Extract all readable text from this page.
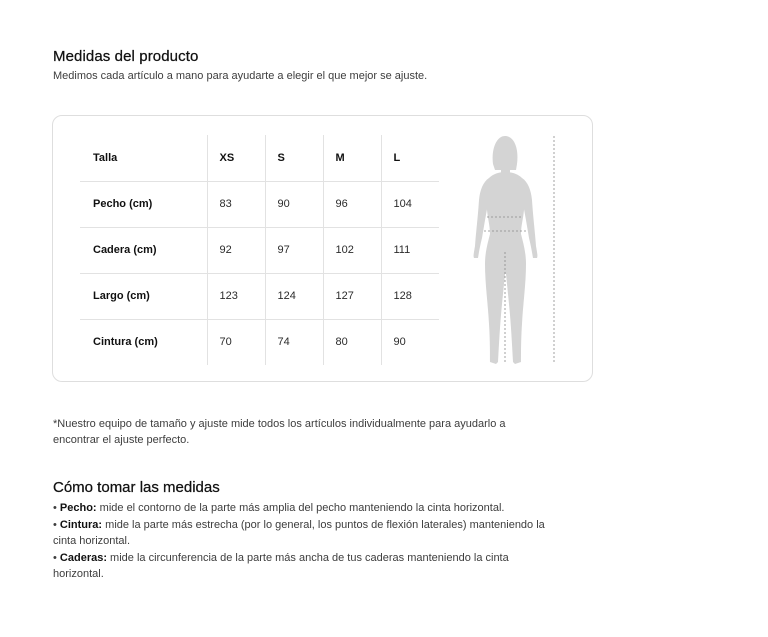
Medidas del producto

Medimos cada artículo a mano para ayudarte a elegir el que mejor se ajuste.

Talla	XS	S	M	L
Pecho (cm)	83	90	96	104
Cadera (cm)	92	97	102	111
Largo (cm)	123	124	127	128
Cintura (cm)	70	74	80	90

*Nuestro equipo de tamaño y ajuste mide todos los artículos individualmente para ayudarlo a encontrar el ajuste perfecto.

Cómo tomar las medidas
• Pecho: mide el contorno de la parte más amplia del pecho manteniendo la cinta horizontal.
• Cintura: mide la parte más estrecha (por lo general, los puntos de flexión laterales) manteniendo la cinta horizontal.
• Caderas: mide la circunferencia de la parte más ancha de tus caderas manteniendo la cinta horizontal.
